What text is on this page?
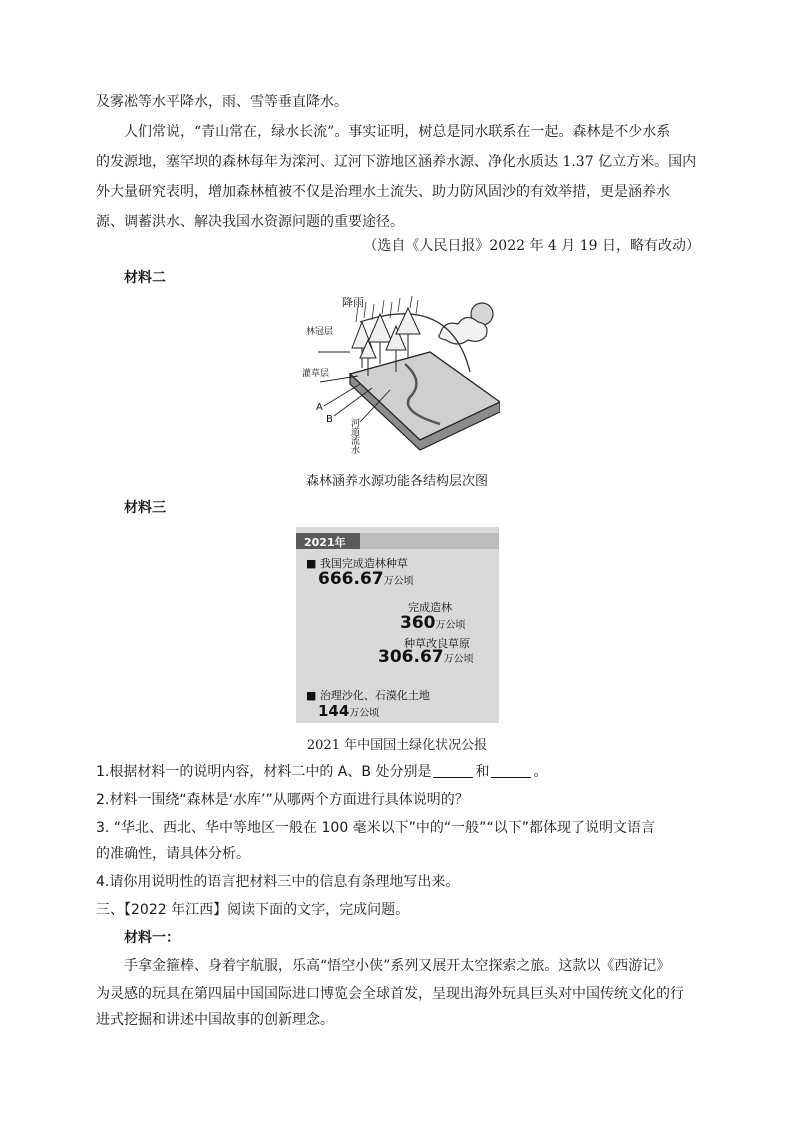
及雾凇等水平降水，雨、雪等垂直降水。
人们常说，“青山常在，绿水长流”。事实证明，树总是同水联系在一起。森林是不少水系
的发源地，塞罕坝的森林每年为滦河、辽河下游地区涵养水源、净化水质达 1.37 亿立方米。国内
外大量研究表明，增加森林植被不仅是治理水土流失、助力防风固沙的有效举措，更是涵养水
源、调蓄洪水、解决我国水资源问题的重要途径。
（选自《人民日报》2022 年 4 月 19 日，略有改动）
材料二
降雨
林冠层
灌草层
A
B 河道流水
森林涵养水源功能各结构层次图
材料三
2021年
■ 我国完成造林种草
666.67万公顷
完成造林
360万公顷
种草改良草原
306.67万公顷
■ 治理沙化、石漠化土地
144万公顷
2021 年中国国土绿化状况公报
1.根据材料一的说明内容，材料二中的 A、B 处分别是	和	。
2.材料一围绕“森林是‘水库’”从哪两个方面进行具体说明的？
3. “华北、西北、华中等地区一般在 100 毫米以下”中的“一般”“以下”都体现了说明文语言
的准确性，请具体分析。
4.请你用说明性的语言把材料三中的信息有条理地写出来。
三、【2022 年江西】阅读下面的文字，完成问题。
材料一：
手拿金箍棒、身着宇航服，乐高“悟空小侠”系列又展开太空探索之旅。这款以《西游记》
为灵感的玩具在第四届中国国际进口博览会全球首发，呈现出海外玩具巨头对中国传统文化的行
进式挖掘和讲述中国故事的创新理念。
